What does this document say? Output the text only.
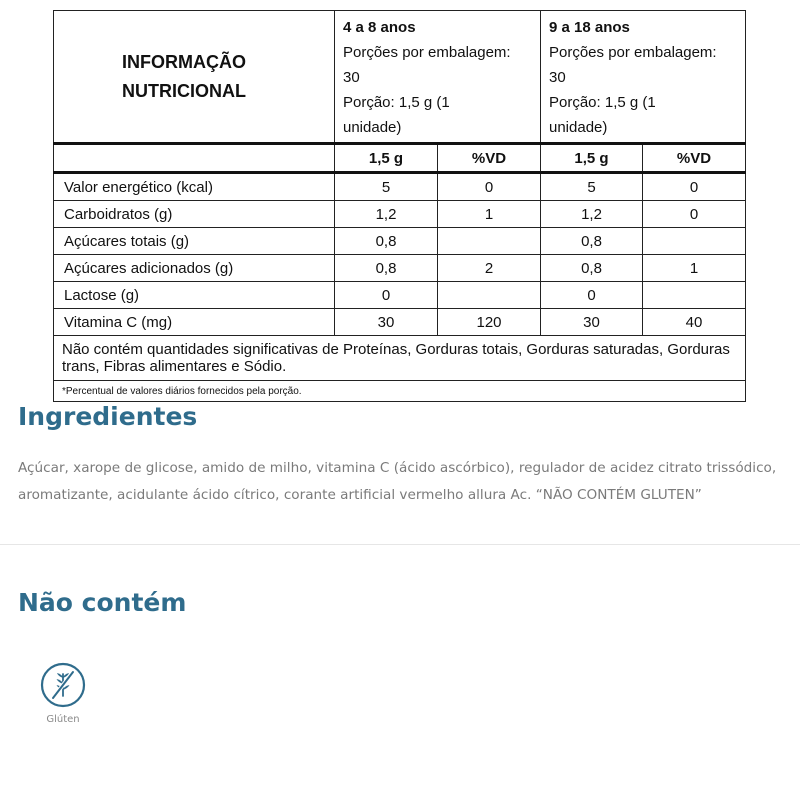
INFORMAÇÃO
NUTRICIONAL	4 a 8 anos
Porções por embalagem:
30
Porção: 1,5 g (1
unidade)		9 a 18 anos
Porções por embalagem:
30
Porção: 1,5 g (1
unidade)	

	1,5 g	%VD	1,5 g	%VD
Valor energético (kcal)	5	0	5	0
Carboidratos (g)	1,2	1	1,2	0
Açúcares totais (g)	0,8		0,8	
Açúcares adicionados (g)	0,8	2	0,8	1
Lactose (g)	0		0	
Vitamina C (mg)	30	120	30	40
Não contém quantidades significativas de Proteínas, Gorduras totais, Gorduras saturadas, Gorduras trans, Fibras alimentares e Sódio.				
*Percentual de valores diários fornecidos pela porção.				
Ingredientes

Açúcar, xarope de glicose, amido de milho, vitamina C (ácido ascórbico), regulador de acidez citrato trissódico, aromatizante, acidulante ácido cítrico, corante artificial vermelho allura Ac. “NÃO CONTÉM GLUTEN”

Não contém
Glúten
